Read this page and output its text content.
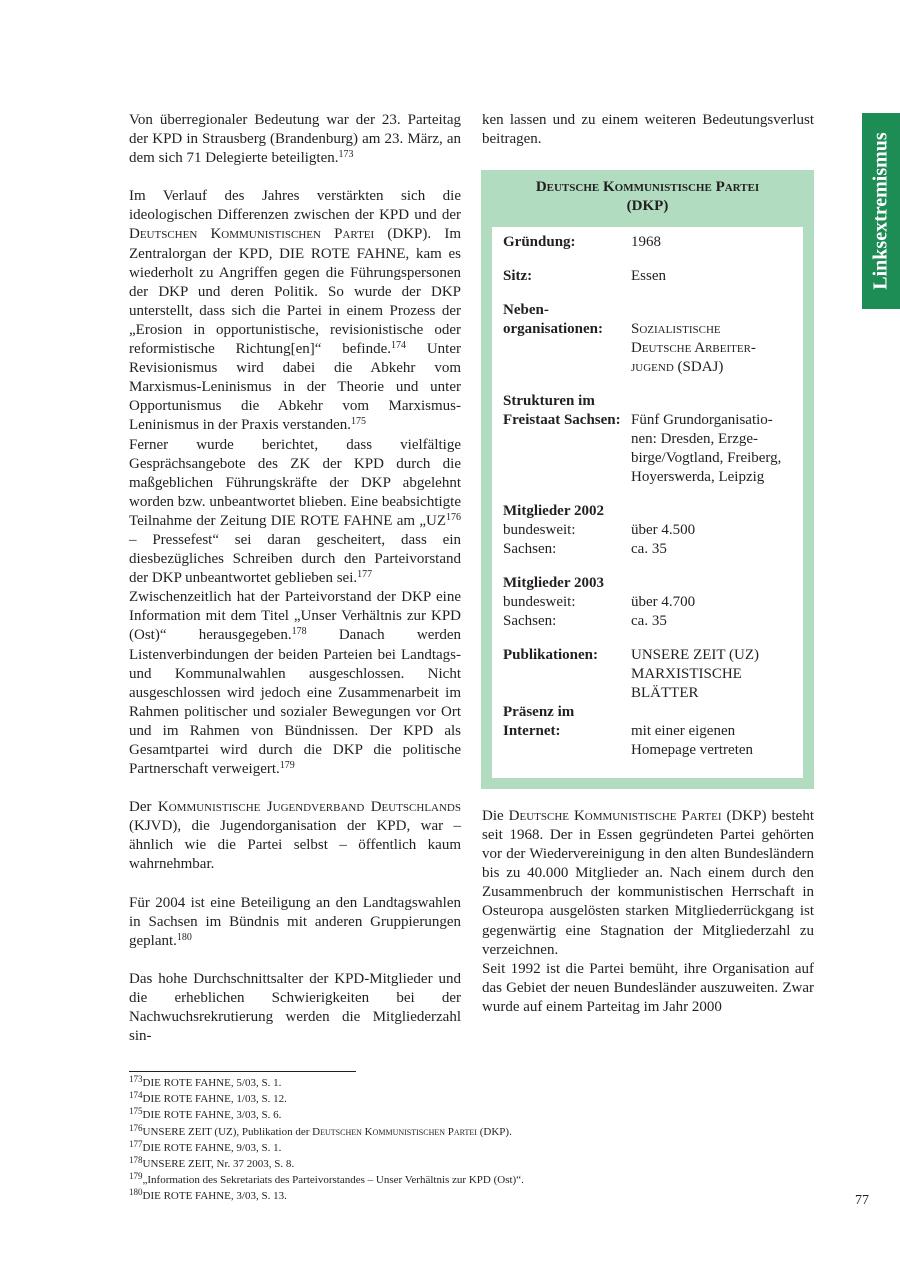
Von überregionaler Bedeutung war der 23. Parteitag der KPD in Strausberg (Brandenburg) am 23. März, an dem sich 71 Delegierte beteiligten.$^{173}$

Im Verlauf des Jahres verstärkten sich die ideologischen Differenzen zwischen der KPD und der Deutschen Kommunistischen Partei (DKP). Im Zentralorgan der KPD, DIE ROTE FAHNE, kam es wiederholt zu Angriffen gegen die Führungspersonen der DKP und deren Politik. So wurde der DKP unterstellt, dass sich die Partei in einem Prozess der „Erosion in opportunistische, revisionistische oder reformistische Richtung[en]“ befinde.$^{174}$ Unter Revisionismus wird dabei die Abkehr vom Marxismus-Leninismus in der Theorie und unter Opportunismus die Abkehr vom Marxismus-Leninismus in der Praxis verstanden.$^{175}$

Ferner wurde berichtet, dass vielfältige Gesprächsangebote des ZK der KPD durch die maßgeblichen Führungskräfte der DKP abgelehnt worden bzw. unbeantwortet blieben. Eine beabsichtigte Teilnahme der Zeitung DIE ROTE FAHNE am „UZ$^{176}$ – Pressefest“ sei daran gescheitert, dass ein diesbezügliches Schreiben durch den Parteivorstand der DKP unbeantwortet geblieben sei.$^{177}$

Zwischenzeitlich hat der Parteivorstand der DKP eine Information mit dem Titel „Unser Verhältnis zur KPD (Ost)“ herausgegeben.$^{178}$ Danach werden Listenverbindungen der beiden Parteien bei Landtags- und Kommunalwahlen ausgeschlossen. Nicht ausgeschlossen wird jedoch eine Zusammenarbeit im Rahmen politischer und sozialer Bewegungen vor Ort und im Rahmen von Bündnissen. Der KPD als Gesamtpartei wird durch die DKP die politische Partnerschaft verweigert.$^{179}$

Der Kommunistische Jugendverband Deutschlands (KJVD), die Jugendorganisation der KPD, war – ähnlich wie die Partei selbst – öffentlich kaum wahrnehmbar.

Für 2004 ist eine Beteiligung an den Landtagswahlen in Sachsen im Bündnis mit anderen Gruppierungen geplant.$^{180}$

Das hohe Durchschnittsalter der KPD-Mitglieder und die erheblichen Schwierigkeiten bei der Nachwuchsrekrutierung werden die Mitgliederzahl sin-

ken lassen und zu einem weiteren Bedeutungsverlust beitragen.

Deutsche Kommunistische Partei
(DKP)
Gründung:	1968
Sitz:	Essen
Neben-
organisationen: Sozialistische
Deutsche Arbeiter-
jugend (SDAJ)
Strukturen im
Freistaat Sachsen: Fünf Grundorganisatio-
nen: Dresden, Erzge-
birge/Vogtland, Freiberg,
Hoyerswerda, Leipzig
Mitglieder 2002
bundesweit:	über 4.500
Sachsen:	ca. 35
Mitglieder 2003
bundesweit:	über 4.700
Sachsen:	ca. 35
Publikationen: UNSERE ZEIT (UZ)
MARXISTISCHE
BLÄTTER
Präsenz im
Internet:	mit einer eigenen
Homepage vertreten

Die Deutsche Kommunistische Partei (DKP) besteht seit 1968. Der in Essen gegründeten Partei gehörten vor der Wiedervereinigung in den alten Bundesländern bis zu 40.000 Mitglieder an. Nach einem durch den Zusammenbruch der kommunistischen Herrschaft in Osteuropa ausgelösten starken Mitgliederrückgang ist gegenwärtig eine Stagnation der Mitgliederzahl zu verzeichnen.

Seit 1992 ist die Partei bemüht, ihre Organisation auf das Gebiet der neuen Bundesländer auszuweiten. Zwar wurde auf einem Parteitag im Jahr 2000

Linksextremismus
$^{173}$DIE ROTE FAHNE, 5/03, S. 1.
$^{174}$DIE ROTE FAHNE, 1/03, S. 12.
$^{175}$DIE ROTE FAHNE, 3/03, S. 6.
$^{176}$UNSERE ZEIT (UZ), Publikation der Deutschen Kommunistischen Partei (DKP).
$^{177}$DIE ROTE FAHNE, 9/03, S. 1.
$^{178}$UNSERE ZEIT, Nr. 37 2003, S. 8.
$^{179}$„Information des Sekretariats des Parteivorstandes – Unser Verhältnis zur KPD (Ost)“.
$^{180}$DIE ROTE FAHNE, 3/03, S. 13.	77
